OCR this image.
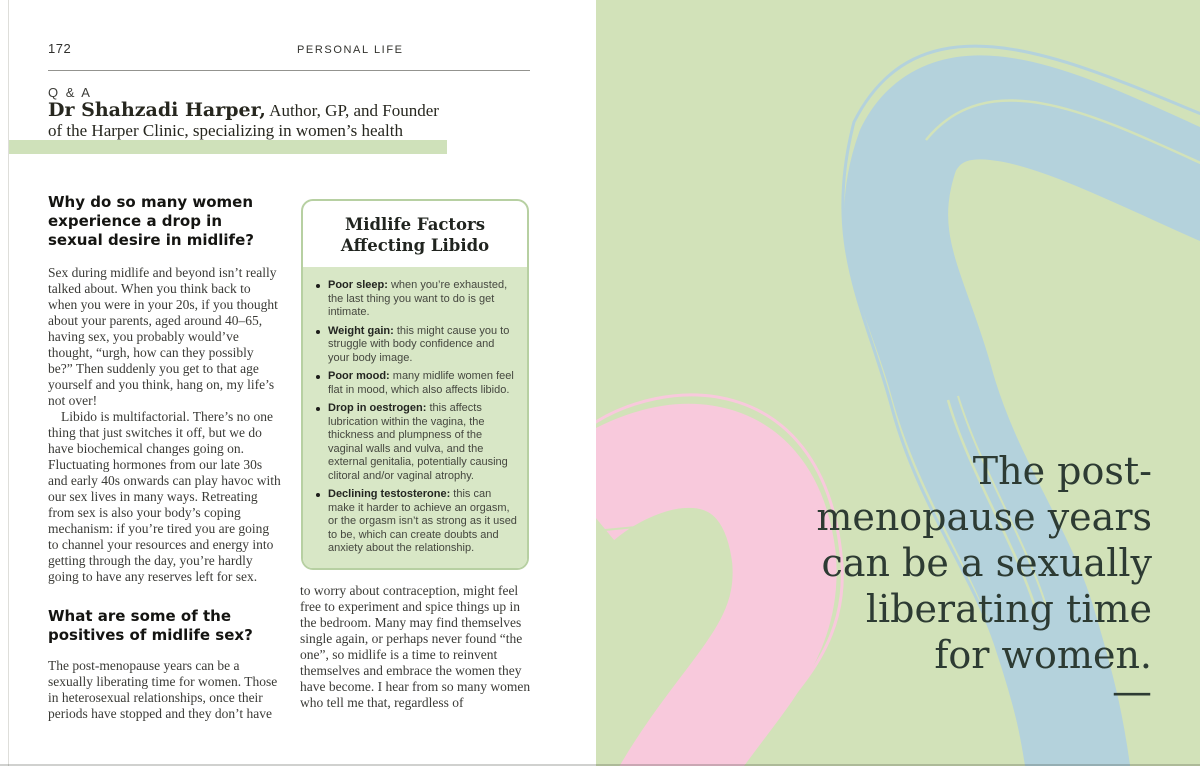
172	PERSONAL LIFE
Q & A
Dr Shahzadi Harper, Author, GP, and Founder
of the Harper Clinic, specializing in women’s health
Why do so many women experience a drop in sexual desire in midlife?

Sex during midlife and beyond isn’t really talked about. When you think back to when you were in your 20s, if you thought about your parents, aged around 40–65, having sex, you probably would’ve thought, “urgh, how can they possibly be?” Then suddenly you get to that age yourself and you think, hang on, my life’s not over!

Libido is multifactorial. There’s no one thing that just switches it off, but we do have biochemical changes going on. Fluctuating hormones from our late 30s and early 40s onwards can play havoc with our sex lives in many ways. Retreating from sex is also your body’s coping mechanism: if you’re tired you are going to channel your resources and energy into getting through the day, you’re hardly going to have any reserves left for sex.

What are some of the positives of midlife sex?

The post-menopause years can be a sexually liberating time for women. Those in heterosexual relationships, once their periods have stopped and they don’t have

Midlife Factors
Affecting Libido
Poor sleep: when you’re exhausted, the last thing you want to do is get intimate.
Weight gain: this might cause you to struggle with body confidence and your body image.
Poor mood: many midlife women feel flat in mood, which also affects libido.
Drop in oestrogen: this affects lubrication within the vagina, the thickness and plumpness of the vaginal walls and vulva, and the external genitalia, potentially causing clitoral and/or vaginal atrophy.
Declining testosterone: this can make it harder to achieve an orgasm, or the orgasm isn’t as strong as it used to be, which can create doubts and anxiety about the relationship.

to worry about contraception, might feel free to experiment and spice things up in the bedroom. Many may find themselves single again, or perhaps never found “the one”, so midlife is a time to reinvent themselves and embrace the women they have become. I hear from so many women who tell me that, regardless of

The post-
menopause years
can be a sexually
liberating time
for women.
—
